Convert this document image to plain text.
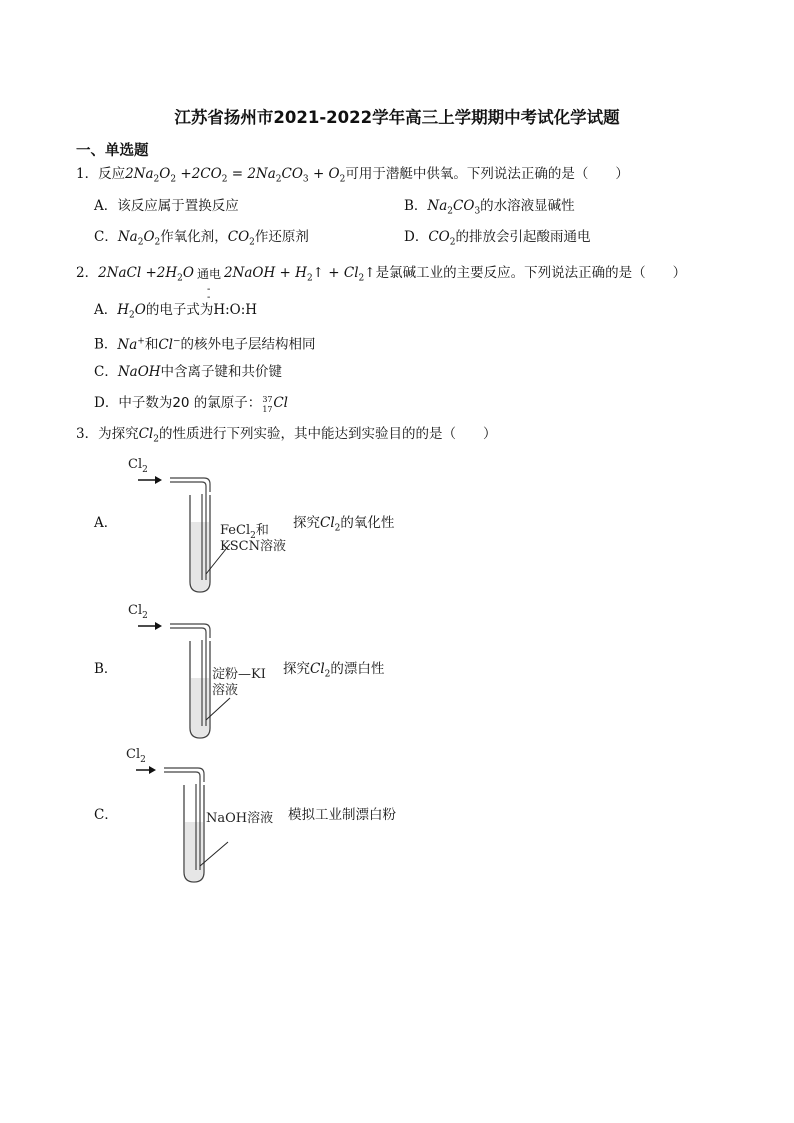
江苏省扬州市2021-2022学年高三上学期期中考试化学试题
一、单选题
1．反应$2Na_2O_2 +2CO_2 = 2Na_2CO_3 + O_2$可用于潜艇中供氧。下列说法正确的是（　　）
A．该反应属于置换反应	B．$Na_2CO_3$的水溶液显碱性
C．$Na_2O_2$作氧化剂，$CO_2$作还原剂	D．$CO_2$的排放会引起酸雨通电
2．2NaCl $+2H_2O$ 通电
-
-
2NaOH + $H_2↑$ + $Cl_2↑$是氯碱工业的主要反应。下列说法正确的是（　　）
A．$H_2O$的电子式为H:O:H
B．Na+和Cl−的核外电子层结构相同
C．NaOH中含离子键和共价键
D．中子数为20 的氯原子： 37
17 Cl
3．为探究$Cl_2$的性质进行下列实验，其中能达到实验目的的是（　　）
A．
$Cl_2$
FeCl$_2$和
KSCN溶液
探究$Cl_2$的氧化性
B．
$Cl_2$
淀粉—KI
溶液
探究$Cl_2$的漂白性
C．
$Cl_2$
NaOH溶液 模拟工业制漂白粉
